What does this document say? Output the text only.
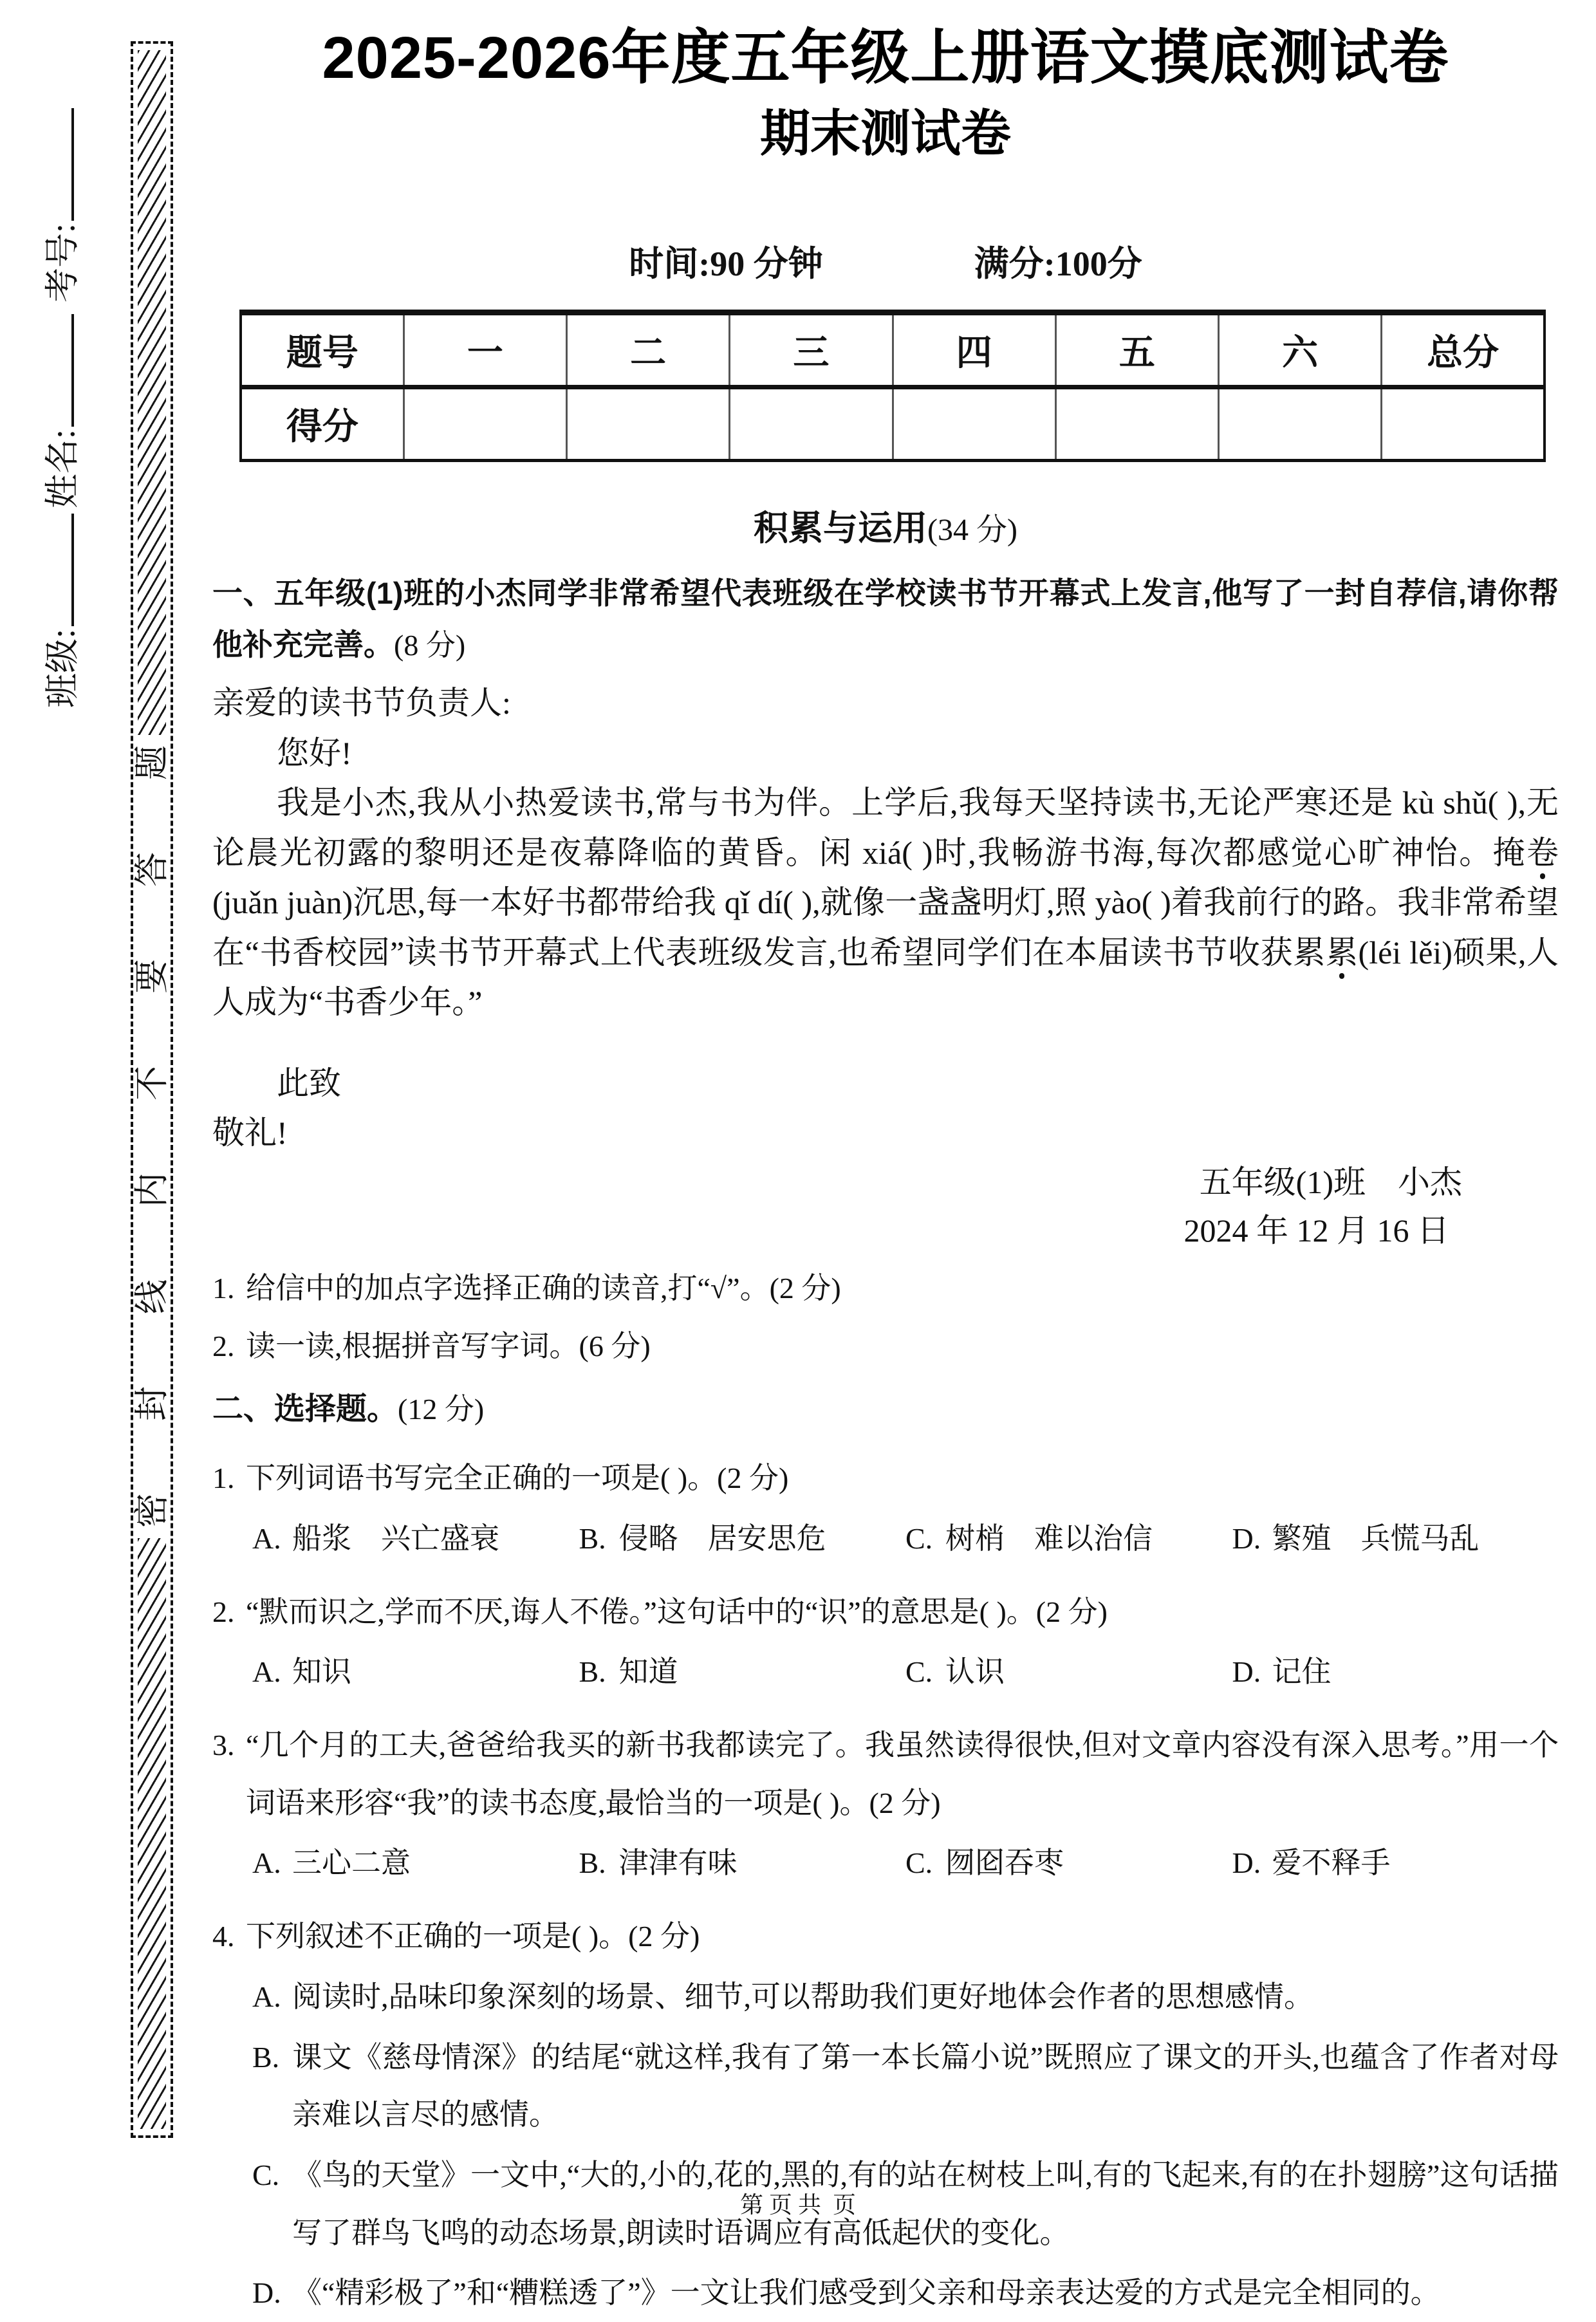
考号:
姓名:
班级:
题
答
要
不
内
线
封
密
2025-2026年度五年级上册语文摸底测试卷
期末测试卷
时间:90 分钟	满分:100分
题号	一	二	三	四	五	六	总分
得分							
积累与运用(34 分)

一、五年级(1)班的小杰同学非常希望代表班级在学校读书节开幕式上发言,他写了一封自荐信,请你帮他补充完善。(8 分)

亲爱的读书节负责人:

您好!

我是小杰,我从小热爱读书,常与书为伴。上学后,我每天坚持读书,无论严寒还是 kù shǔ( ),无论晨光初露的黎明还是夜幕降临的黄昏。闲 xiá( )时,我畅游书海,每次都感觉心旷神怡。掩卷(juǎn juàn)沉思,每一本好书都带给我 qǐ dí( ),就像一盏盏明灯,照 yào( )着我前行的路。我非常希望在“书香校园”读书节开幕式上代表班级发言,也希望同学们在本届读书节收获累累(léi lěi)硕果,人人成为“书香少年。”

此致

敬礼!

五年级(1)班　小杰

2024 年 12 月 16 日

1. 给信中的加点字选择正确的读音,打“√”。(2 分)

2. 读一读,根据拼音写字词。(6 分)

二、选择题。(12 分)

1. 下列词语书写完全正确的一项是( )。(2 分)

A. 船浆　兴亡盛衰	B. 侵略　居安思危	C. 树梢　难以治信	D. 繁殖　兵慌马乱

2. “默而识之,学而不厌,诲人不倦。”这句话中的“识”的意思是( )。(2 分)

A. 知识	B. 知道	C. 认识	D. 记住

3. “几个月的工夫,爸爸给我买的新书我都读完了。我虽然读得很快,但对文章内容没有深入思考。”用一个词语来形容“我”的读书态度,最恰当的一项是( )。(2 分)

A. 三心二意	B. 津津有味	C. 囫囵吞枣	D. 爱不释手

4. 下列叙述不正确的一项是( )。(2 分)

A. 阅读时,品味印象深刻的场景、细节,可以帮助我们更好地体会作者的思想感情。

B. 课文《慈母情深》的结尾“就这样,我有了第一本长篇小说”既照应了课文的开头,也蕴含了作者对母亲难以言尽的感情。

C. 《鸟的天堂》一文中,“大的,小的,花的,黑的,有的站在树枝上叫,有的飞起来,有的在扑翅膀”这句话描写了群鸟飞鸣的动态场景,朗读时语调应有高低起伏的变化。

D. 《“精彩极了”和“糟糕透了”》一文让我们感受到父亲和母亲表达爱的方式是完全相同的。

第 页 共  页
